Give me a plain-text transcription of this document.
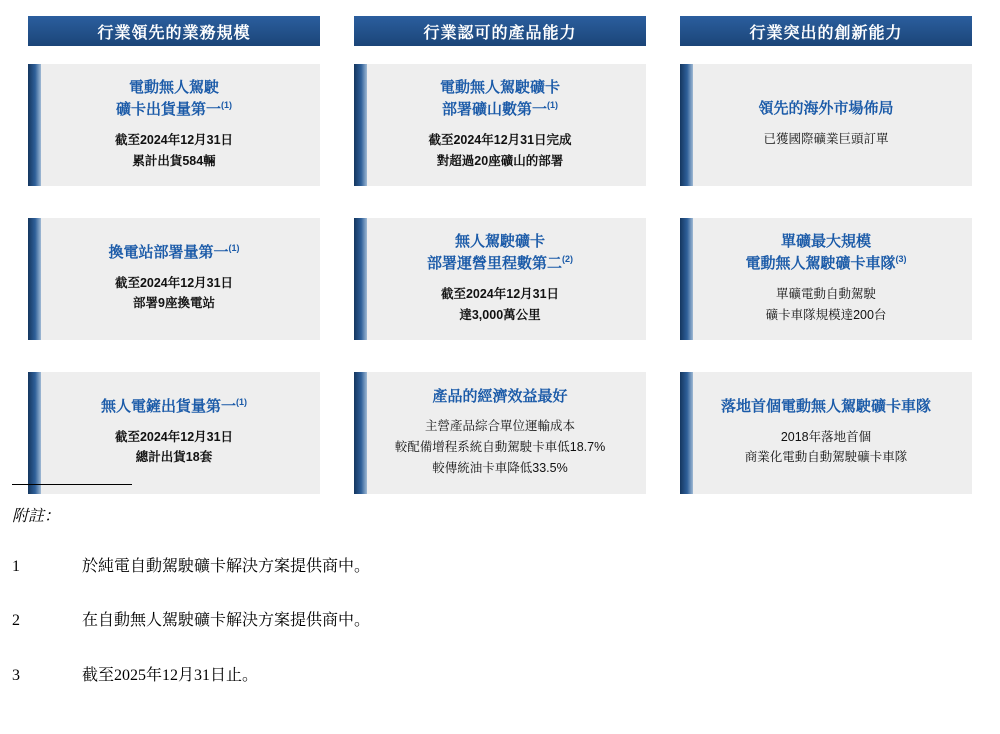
行業領先的業務規模
電動無人駕駛
礦卡出貨量第一$^{(1)}$
截至2024年12月31日
累計出貨584輛
換電站部署量第一$^{(1)}$
截至2024年12月31日
部署9座換電站
無人電鏟出貨量第一$^{(1)}$
截至2024年12月31日
總計出貨18套
行業認可的產品能力
電動無人駕駛礦卡
部署礦山數第一$^{(1)}$
截至2024年12月31日完成
對超過20座礦山的部署
無人駕駛礦卡
部署運營里程數第二$^{(2)}$
截至2024年12月31日
達3,000萬公里
產品的經濟效益最好
主營產品綜合單位運輸成本
較配備增程系統自動駕駛卡車低18.7%
較傳統油卡車降低33.5%
行業突出的創新能力
領先的海外市場佈局
已獲國際礦業巨頭訂單
單礦最大規模
電動無人駕駛礦卡車隊$^{(3)}$
單礦電動自動駕駛
礦卡車隊規模達200台
落地首個電動無人駕駛礦卡車隊
2018年落地首個
商業化電動自動駕駛礦卡車隊
附註：
1	於純電自動駕駛礦卡解決方案提供商中。
2	在自動無人駕駛礦卡解決方案提供商中。
3	截至2025年12月31日止。
